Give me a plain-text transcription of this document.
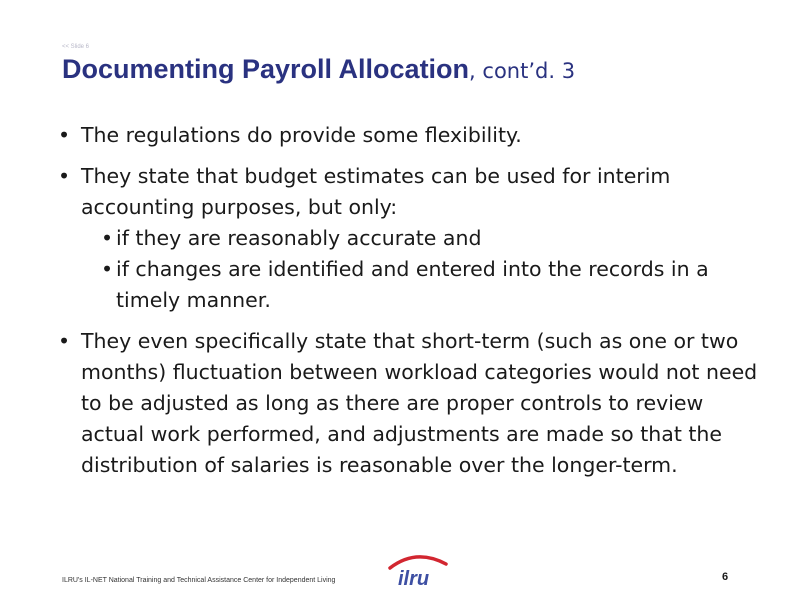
<< Slide 6
Documenting Payroll Allocation, cont’d. 3
• The regulations do provide some flexibility.
• They state that budget estimates can be used for interim accounting purposes, but only:
• if they are reasonably accurate and
• if changes are identified and entered into the records in a timely manner.
• They even specifically state that short-term (such as one or two months) fluctuation between workload categories would not need to be adjusted as long as there are proper controls to review actual work performed, and adjustments are made so that the distribution of salaries is reasonable over the longer-term.
ILRU's IL-NET National Training and Technical Assistance Center for Independent Living	ilru	6
